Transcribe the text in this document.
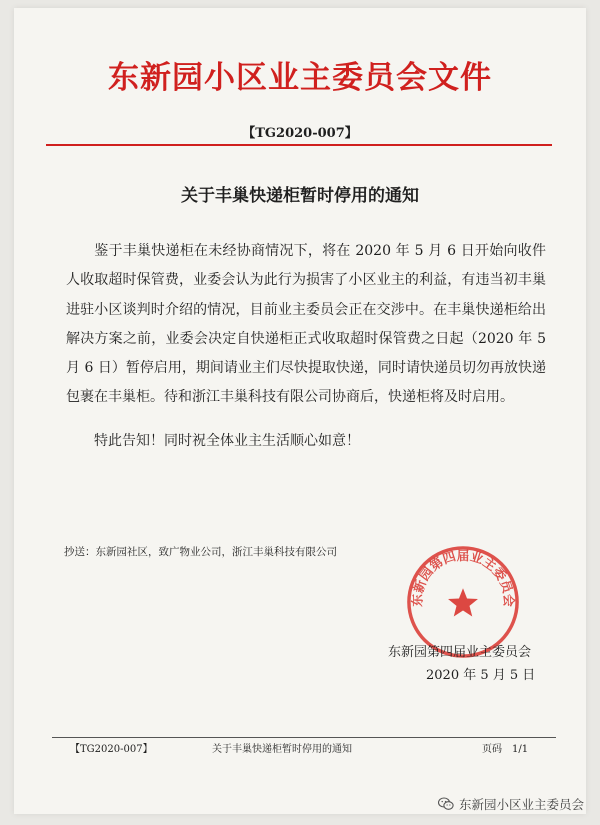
东新园小区业主委员会文件
【TG2020-007】
关于丰巢快递柜暂时停用的通知

鉴于丰巢快递柜在未经协商情况下，将在 2020 年 5 月 6 日开始向收件人收取超时保管费，业委会认为此行为损害了小区业主的利益，有违当初丰巢进驻小区谈判时介绍的情况，目前业主委员会正在交涉中。在丰巢快递柜给出解决方案之前，业委会决定自快递柜正式收取超时保管费之日起（2020 年 5 月 6 日）暂停启用，期间请业主们尽快提取快递，同时请快递员切勿再放快递包裹在丰巢柜。待和浙江丰巢科技有限公司协商后，快递柜将及时启用。

特此告知！同时祝全体业主生活顺心如意！

抄送：东新园社区，致广物业公司，浙江丰巢科技有限公司
东新园第四届业主委员会
东新园第四届业主委员会
2020 年 5 月 5 日
【TG2020-007】	关于丰巢快递柜暂时停用的通知	页码　1/1
东新园小区业主委员会
